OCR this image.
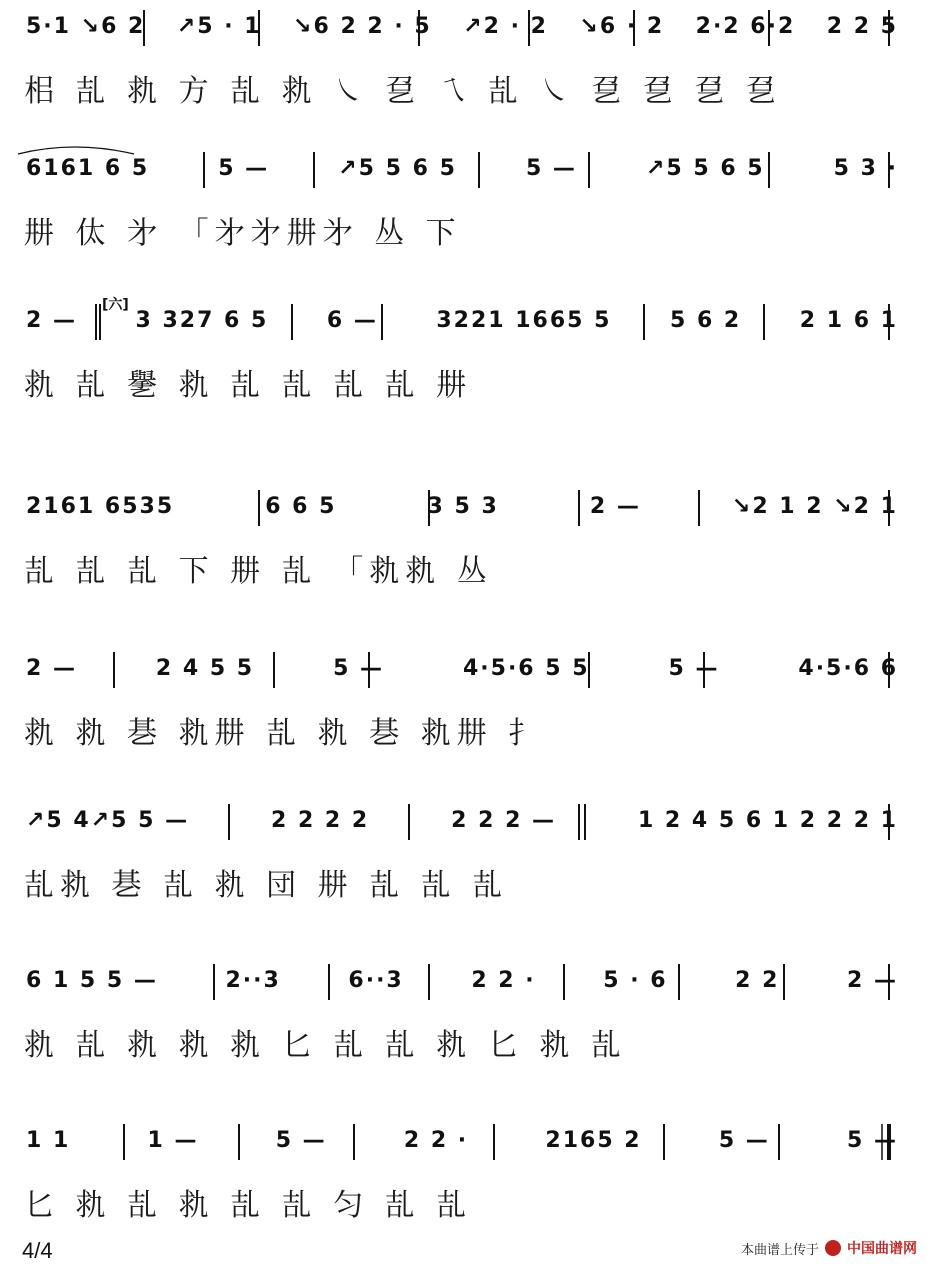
5·1 ↘6 2 ↗5 · 1 ↘6 2 2 · 5 ↗2 · 2 ↘6 · 2 2·2 6·2 2 2 5
㭒 㐖 㐜 方 㐖 㐜 ㇏ 㐒 ㇝ 㐖 ㇏ 㐒 㐒 㐒 㐒
6161 6 5	5 —	↗5 5 6 5	5 —	↗5 5 6 5	5 3 ·
㐩 㑀 㐧 「㐧㐧㐩㐧 丛 下
[六]
2 —	3 327 6 5	6 —	3221 1665 5	5 6 2	2 1 6 1
㐜 㐖 㐦 㐜 㐖 㐖 㐖 㐖 㐩
2161 6535	6 6 5	3 5 3	2 —	↘2 1 2 ↘2 1
㐖 㐖 㐖 下 㐩 㐖 「㐜㐜 丛
2 —	2 4 5 5	5 —	4·5·6 5 5	5 —	4·5·6 6
㐜 㐜 㐞 㐜㐩 㐖 㐜 㐞 㐜㐩 扌
↗5 4↗5 5 —	2 2 2 2	2 2 2 —	1 2 4 5 6 1 2 2 2 1
㐖㐜 㐞 㐖 㐜 団 㐩 㐖 㐖 㐖
6 1 5 5 —	2··3	6··3	2 2 ·	5 · 6	2 2	2 —
㐜 㐖 㐜 㐜 㐜 匕 㐖 㐖 㐜 匕 㐜 㐖
1 1	1 —	5 —	2 2 ·	2165 2	5 —	5 —
匕 㐜 㐖 㐜 㐖 㐖 匀 㐖 㐖
4/4	本曲谱上传于 中国曲谱网
